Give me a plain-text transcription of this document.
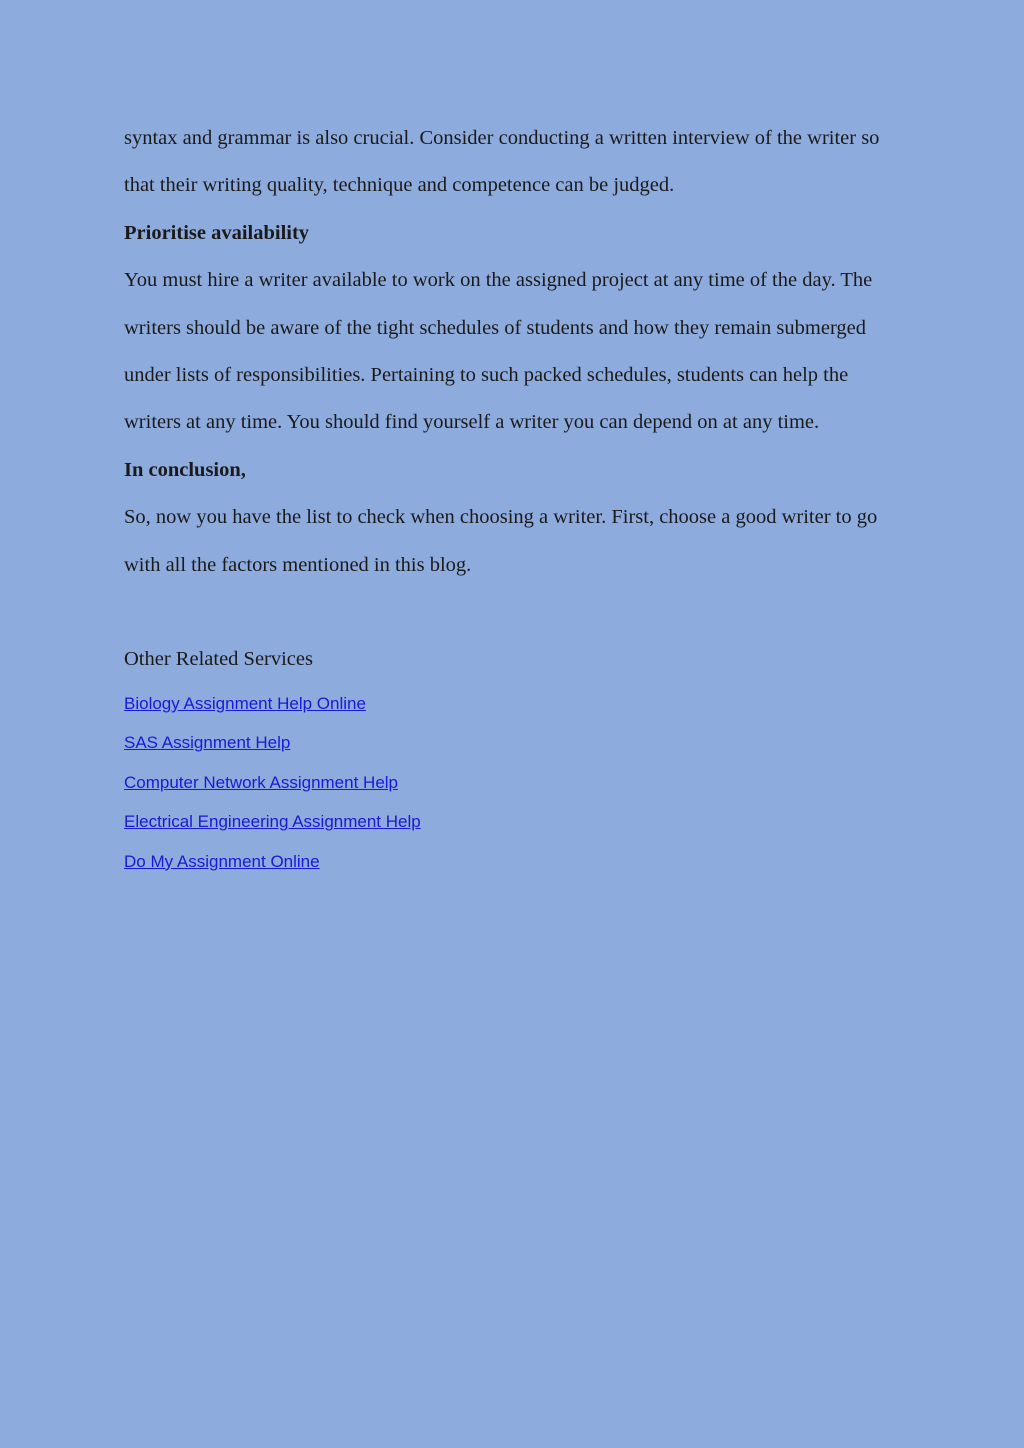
syntax and grammar is also crucial. Consider conducting a written interview of the writer so

that their writing quality, technique and competence can be judged.

Prioritise availability

You must hire a writer available to work on the assigned project at any time of the day. The

writers should be aware of the tight schedules of students and how they remain submerged

under lists of responsibilities. Pertaining to such packed schedules, students can help the

writers at any time. You should find yourself a writer you can depend on at any time.

In conclusion,

So, now you have the list to check when choosing a writer. First, choose a good writer to go

with all the factors mentioned in this blog.

Other Related Services

Biology Assignment Help Online
SAS Assignment Help
Computer Network Assignment Help
Electrical Engineering Assignment Help
Do My Assignment Online
